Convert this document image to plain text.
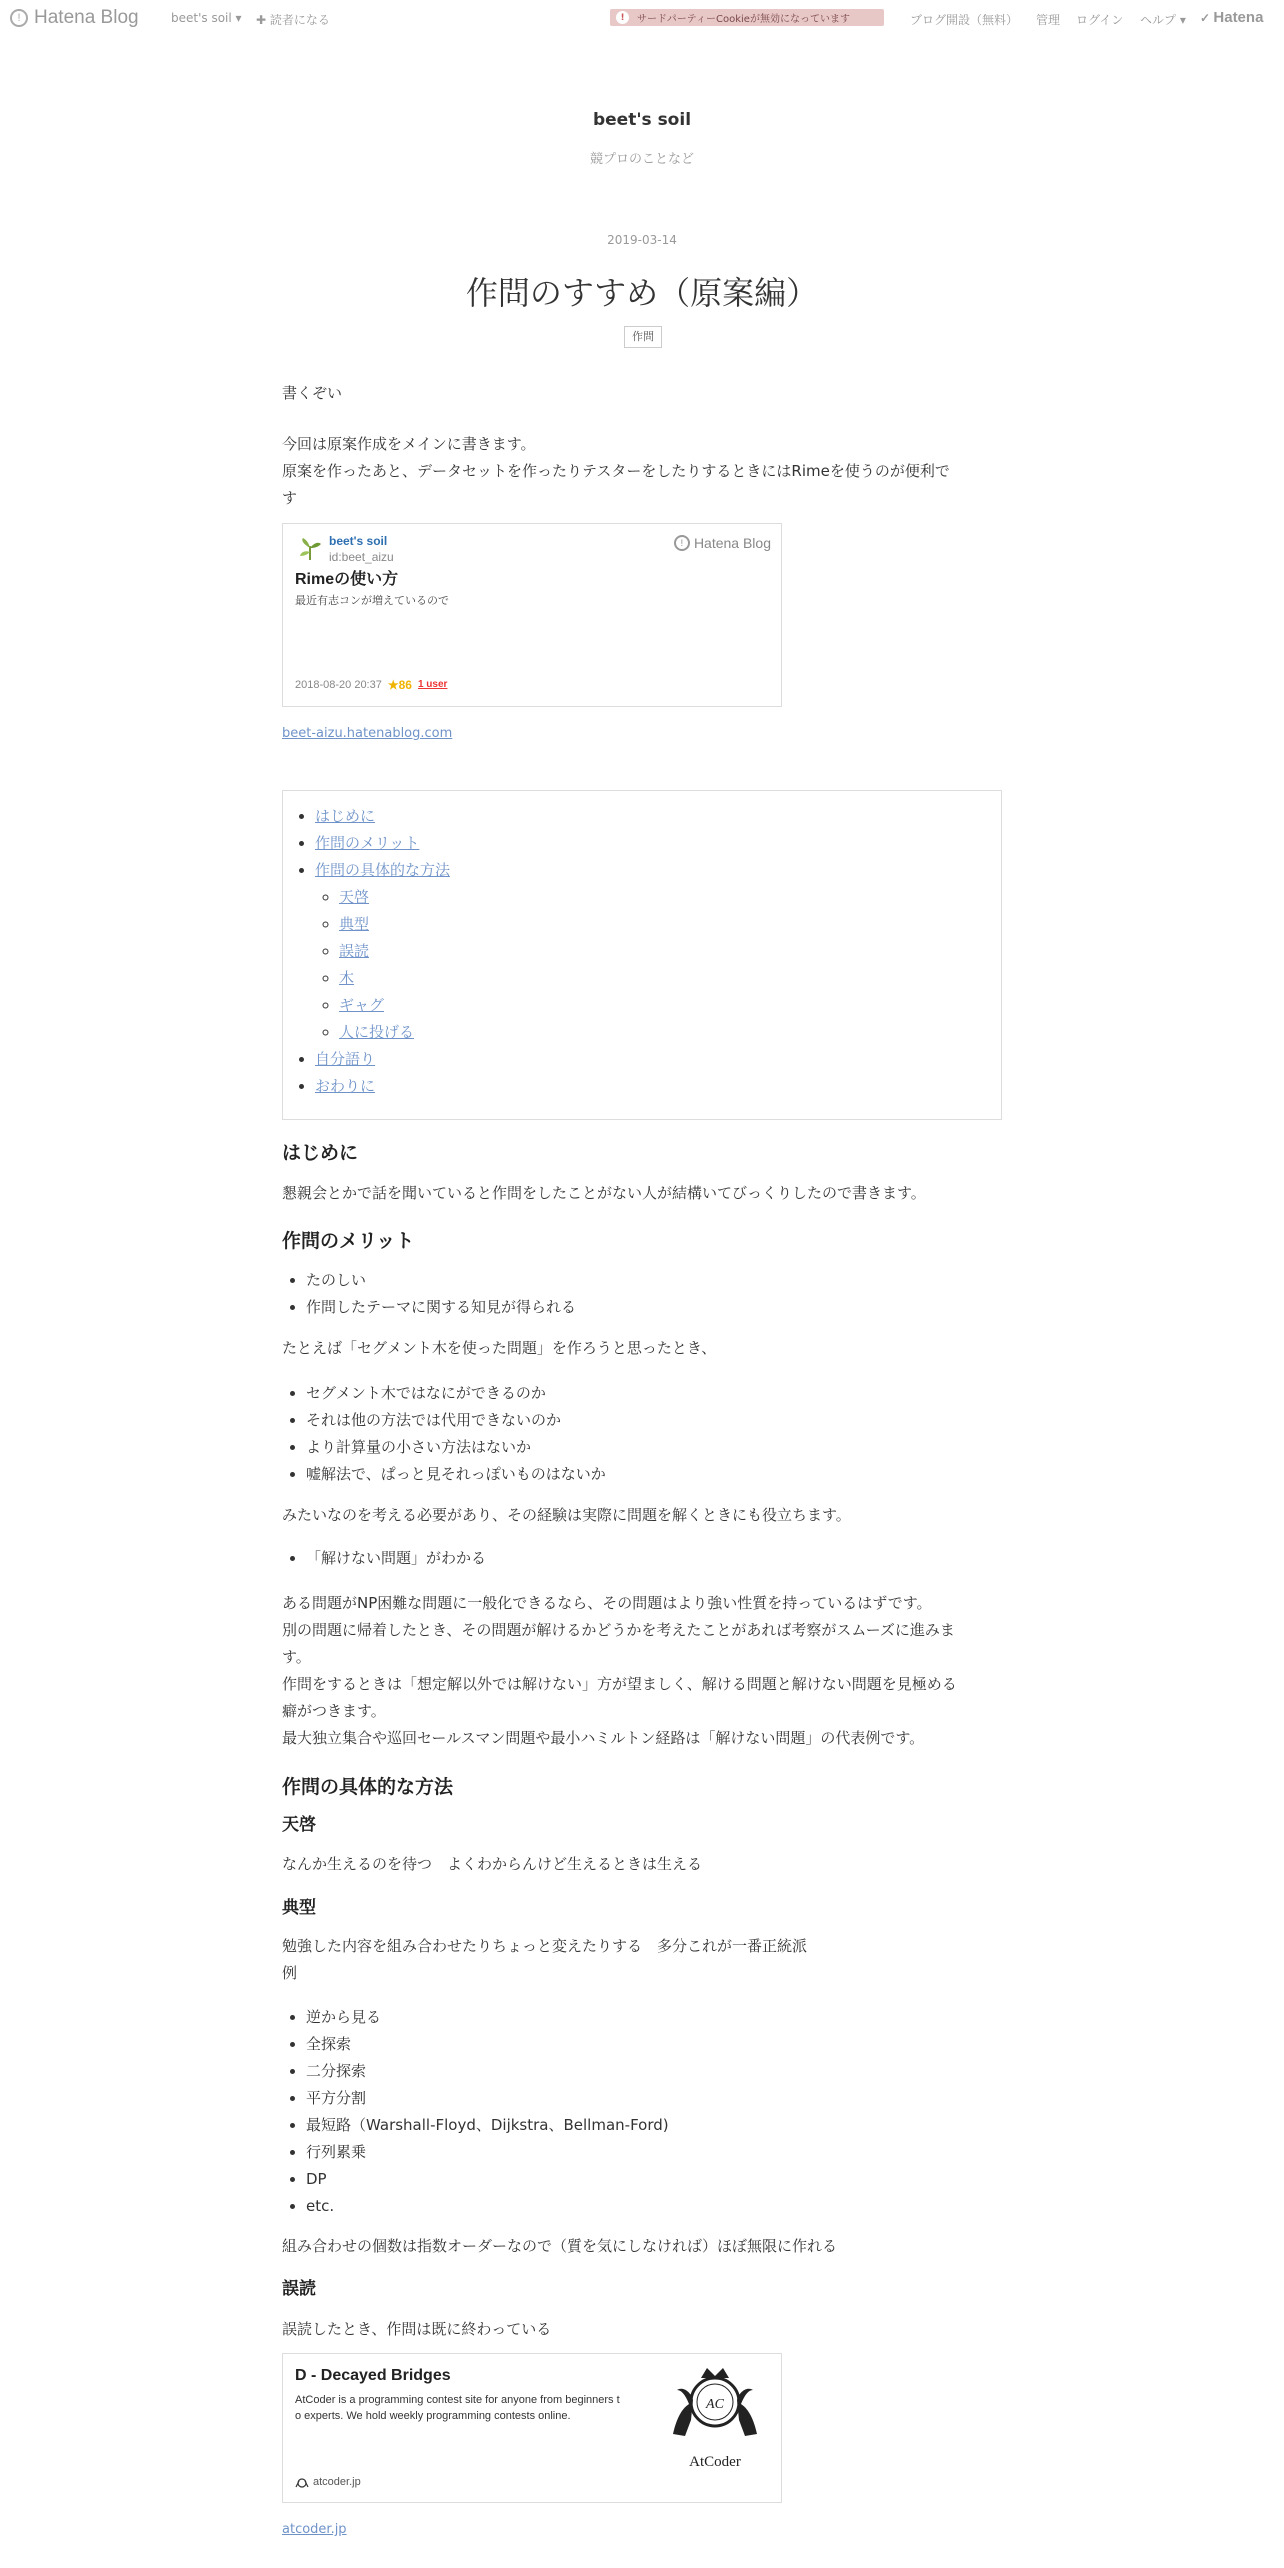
! Hatena Blog	beet's soil ▾ ✚ 読者になる	!	サードパーティーCookieが無効になっています	ブログ開設（無料） 管理 ログイン ヘルプ ▾ ✓ Hatena
beet's soil
競プロのことなど
2019-03-14
作問のすすめ（原案編）
作問

書くぞい

今回は原案作成をメインに書きます。

原案を作ったあと、データセットを作ったりテスターをしたりするときにはRimeを使うのが便利で

す

beet's soil
id:beet_aizu
! Hatena Blog
Rimeの使い方
最近有志コンが増えているので
2018-08-20 20:37 ★86 1 user
beet-aizu.hatenablog.com
• はじめに
• 作問のメリット
• 作問の具体的な方法
◦ 天啓
◦ 典型
◦ 誤読
◦ 木
◦ ギャグ
◦ 人に投げる
• 自分語り
• おわりに
はじめに

懇親会とかで話を聞いていると作問をしたことがない人が結構いてびっくりしたので書きます。

作問のメリット
• たのしい
• 作問したテーマに関する知見が得られる

たとえば「セグメント木を使った問題」を作ろうと思ったとき、

• セグメント木ではなにができるのか
• それは他の方法では代用できないのか
• より計算量の小さい方法はないか
• 嘘解法で、ぱっと見それっぽいものはないか

みたいなのを考える必要があり、その経験は実際に問題を解くときにも役立ちます。

• 「解けない問題」がわかる

ある問題がNP困難な問題に一般化できるなら、その問題はより強い性質を持っているはずです。

別の問題に帰着したとき、その問題が解けるかどうかを考えたことがあれば考察がスムーズに進みま

す。

作問をするときは「想定解以外では解けない」方が望ましく、解ける問題と解けない問題を見極める

癖がつきます。

最大独立集合や巡回セールスマン問題や最小ハミルトン経路は「解けない問題」の代表例です。

作問の具体的な方法
天啓

なんか生えるのを待つ　よくわからんけど生えるときは生える

典型

勉強した内容を組み合わせたりちょっと変えたりする　多分これが一番正統派

例

• 逆から見る
• 全探索
• 二分探索
• 平方分割
• 最短路（Warshall-Floyd、Dijkstra、Bellman-Ford)
• 行列累乗
• DP
• etc.

組み合わせの個数は指数オーダーなので（質を気にしなければ）ほぼ無限に作れる

誤読

誤読したとき、作問は既に終わっている

D - Decayed Bridges
AtCoder is a programming contest site for anyone from beginners t
o experts. We hold weekly programming contests online.
AC
AtCoder
atcoder.jp
atcoder.jp
